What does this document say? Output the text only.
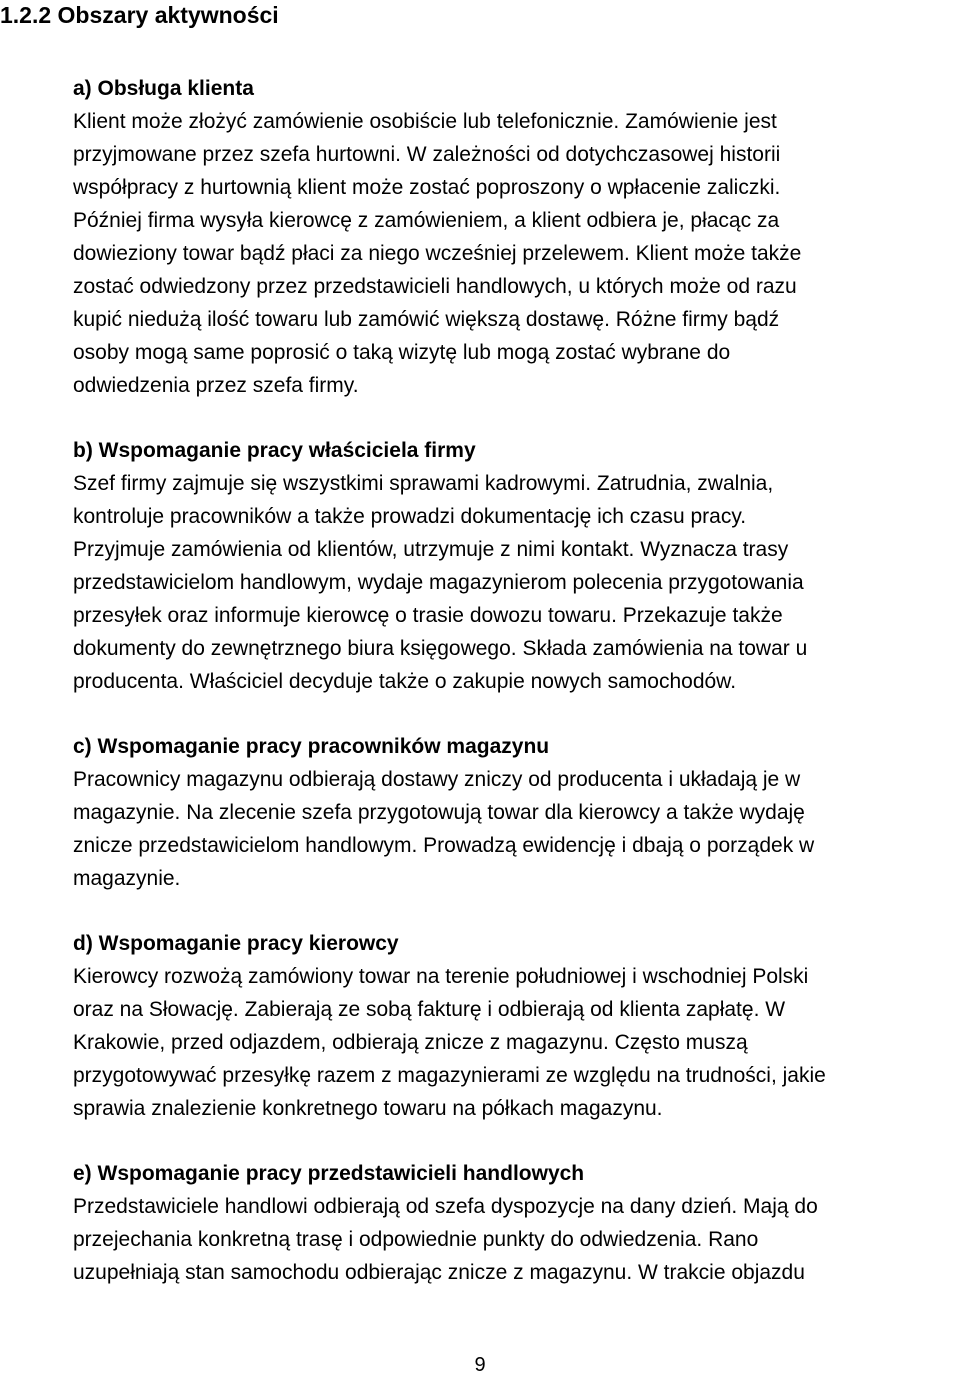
1.2.2 Obszary aktywności
a) Obsługa klienta

Klient może złożyć zamówienie osobiście lub telefonicznie. Zamówienie jest
przyjmowane przez szefa hurtowni. W zależności od dotychczasowej historii
współpracy z hurtownią klient może zostać poproszony o wpłacenie zaliczki.
Później firma wysyła kierowcę z zamówieniem, a klient odbiera je, płacąc za
dowieziony towar bądź płaci za niego wcześniej przelewem. Klient może także
zostać odwiedzony przez przedstawicieli handlowych, u których może od razu
kupić niedużą ilość towaru lub zamówić większą dostawę. Różne firmy bądź
osoby mogą same poprosić o taką wizytę lub mogą zostać wybrane do
odwiedzenia przez szefa firmy.

b) Wspomaganie pracy właściciela firmy

Szef firmy zajmuje się wszystkimi sprawami kadrowymi. Zatrudnia, zwalnia,
kontroluje pracowników a także prowadzi dokumentację ich czasu pracy.
Przyjmuje zamówienia od klientów, utrzymuje z nimi kontakt. Wyznacza trasy
przedstawicielom handlowym, wydaje magazynierom polecenia przygotowania
przesyłek oraz informuje kierowcę o trasie dowozu towaru. Przekazuje także
dokumenty do zewnętrznego biura księgowego. Składa zamówienia na towar u
producenta. Właściciel decyduje także o zakupie nowych samochodów.

c) Wspomaganie pracy pracowników magazynu

Pracownicy magazynu odbierają dostawy zniczy od producenta i układają je w
magazynie. Na zlecenie szefa przygotowują towar dla kierowcy a także wydaję
znicze przedstawicielom handlowym. Prowadzą ewidencję i dbają o porządek w
magazynie.

d) Wspomaganie pracy kierowcy

Kierowcy rozwożą zamówiony towar na terenie południowej i wschodniej Polski
oraz na Słowację. Zabierają ze sobą fakturę i odbierają od klienta zapłatę. W
Krakowie, przed odjazdem, odbierają znicze z magazynu. Często muszą
przygotowywać przesyłkę razem z magazynierami ze względu na trudności, jakie
sprawia znalezienie konkretnego towaru na półkach magazynu.

e) Wspomaganie pracy przedstawicieli handlowych

Przedstawiciele handlowi odbierają od szefa dyspozycje na dany dzień. Mają do
przejechania konkretną trasę i odpowiednie punkty do odwiedzenia. Rano
uzupełniają stan samochodu odbierając znicze z magazynu. W trakcie objazdu

9
